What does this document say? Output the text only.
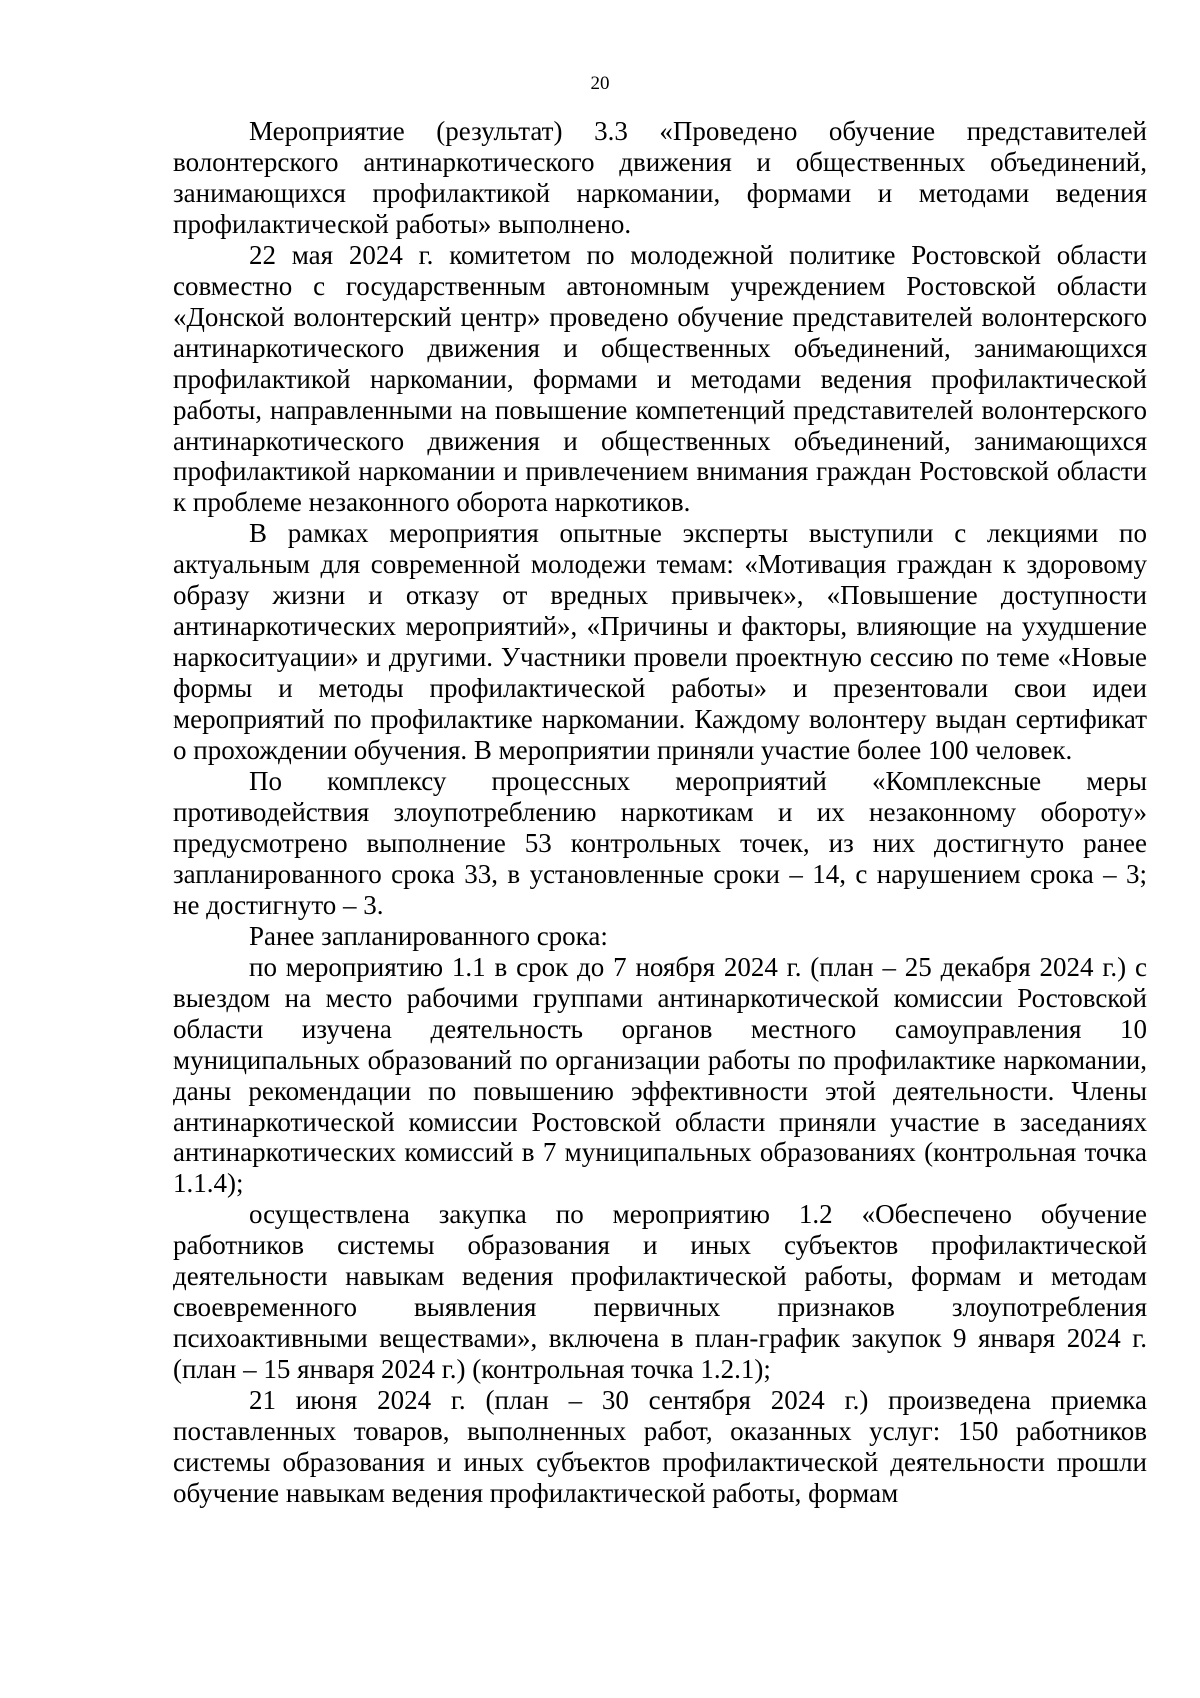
20

Мероприятие (результат) 3.3 «Проведено обучение представителей волонтерского антинаркотического движения и общественных объединений, занимающихся профилактикой наркомании, формами и методами ведения профилактической работы» выполнено.

22 мая 2024 г. комитетом по молодежной политике Ростовской области совместно с государственным автономным учреждением Ростовской области «Донской волонтерский центр» проведено обучение представителей волонтерского антинаркотического движения и общественных объединений, занимающихся профилактикой наркомании, формами и методами ведения профилактической работы, направленными на повышение компетенций представителей волонтерского антинаркотического движения и общественных объединений, занимающихся профилактикой наркомании и привлечением внимания граждан Ростовской области к проблеме незаконного оборота наркотиков.

В рамках мероприятия опытные эксперты выступили с лекциями по актуальным для современной молодежи темам: «Мотивация граждан к здоровому образу жизни и отказу от вредных привычек», «Повышение доступности антинаркотических мероприятий», «Причины и факторы, влияющие на ухудшение наркоситуации» и другими. Участники провели проектную сессию по теме «Новые формы и методы профилактической работы» и презентовали свои идеи мероприятий по профилактике наркомании. Каждому волонтеру выдан сертификат о прохождении обучения. В мероприятии приняли участие более 100 человек.

По комплексу процессных мероприятий «Комплексные меры противодействия злоупотреблению наркотикам и их незаконному обороту» предусмотрено выполнение 53 контрольных точек, из них достигнуто ранее запланированного срока 33, в установленные сроки – 14, с нарушением срока – 3; не достигнуто – 3.

Ранее запланированного срока:

по мероприятию 1.1 в срок до 7 ноября 2024 г. (план – 25 декабря 2024 г.) с выездом на место рабочими группами антинаркотической комиссии Ростовской области изучена деятельность органов местного самоуправления 10 муниципальных образований по организации работы по профилактике наркомании, даны рекомендации по повышению эффективности этой деятельности. Члены антинаркотической комиссии Ростовской области приняли участие в заседаниях антинаркотических комиссий в 7 муниципальных образованиях (контрольная точка 1.1.4);

осуществлена закупка по мероприятию 1.2 «Обеспечено обучение работников системы образования и иных субъектов профилактической деятельности навыкам ведения профилактической работы, формам и методам своевременного выявления первичных признаков злоупотребления психоактивными веществами», включена в план-график закупок 9 января 2024 г. (план – 15 января 2024 г.) (контрольная точка 1.2.1);

21 июня 2024 г. (план – 30 сентября 2024 г.) произведена приемка поставленных товаров, выполненных работ, оказанных услуг: 150 работников системы образования и иных субъектов профилактической деятельности прошли обучение навыкам ведения профилактической работы, формам
